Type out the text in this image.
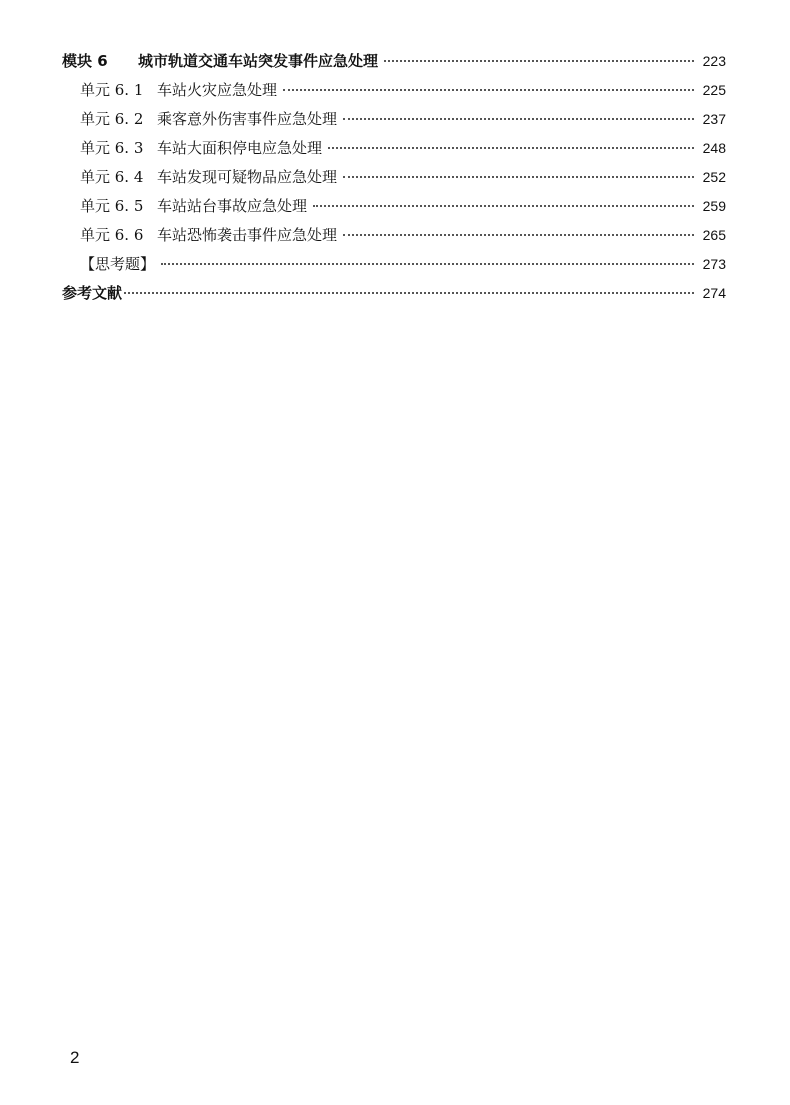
模块 6	城市轨道交通车站突发事件应急处理	223
单元 6. 1 车站火灾应急处理	225
单元 6. 2 乘客意外伤害事件应急处理	237
单元 6. 3 车站大面积停电应急处理	248
单元 6. 4 车站发现可疑物品应急处理	252
单元 6. 5 车站站台事故应急处理	259
单元 6. 6 车站恐怖袭击事件应急处理	265
【思考题】	273
参考文献	274
2
